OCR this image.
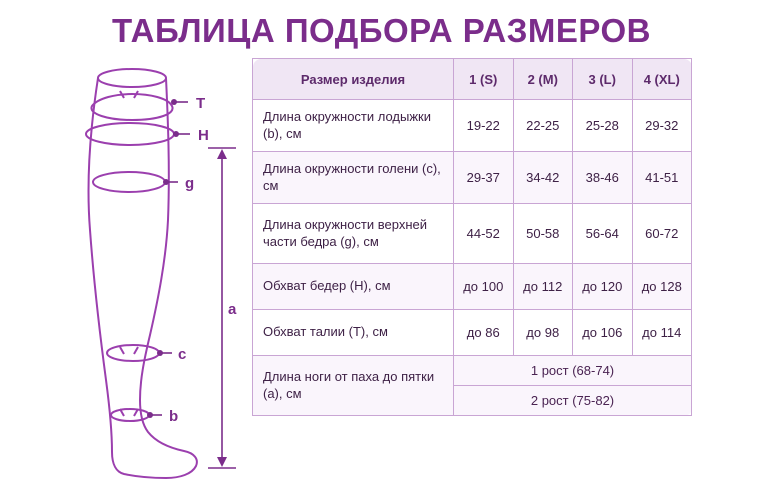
ТАБЛИЦА ПОДБОРА РАЗМЕРОВ
T
H
g
a
c
b
Размер изделия	1 (S)	2 (M)	3 (L)	4 (XL)
Длина окружности лодыжки (b), см	19-22	22-25	25-28	29-32
Длина окружности голени (c), см	29-37	34-42	38-46	41-51
Длина окружности верхней части бедра (g), см	44-52	50-58	56-64	60-72
Обхват бедер (H), см	до 100	до 112	до 120	до 128
Обхват талии (T), см	до 86	до 98	до 106	до 114
Длина ноги от паха до пятки (a), см	1 рост (68-74)			
	2 рост (75-82)			
